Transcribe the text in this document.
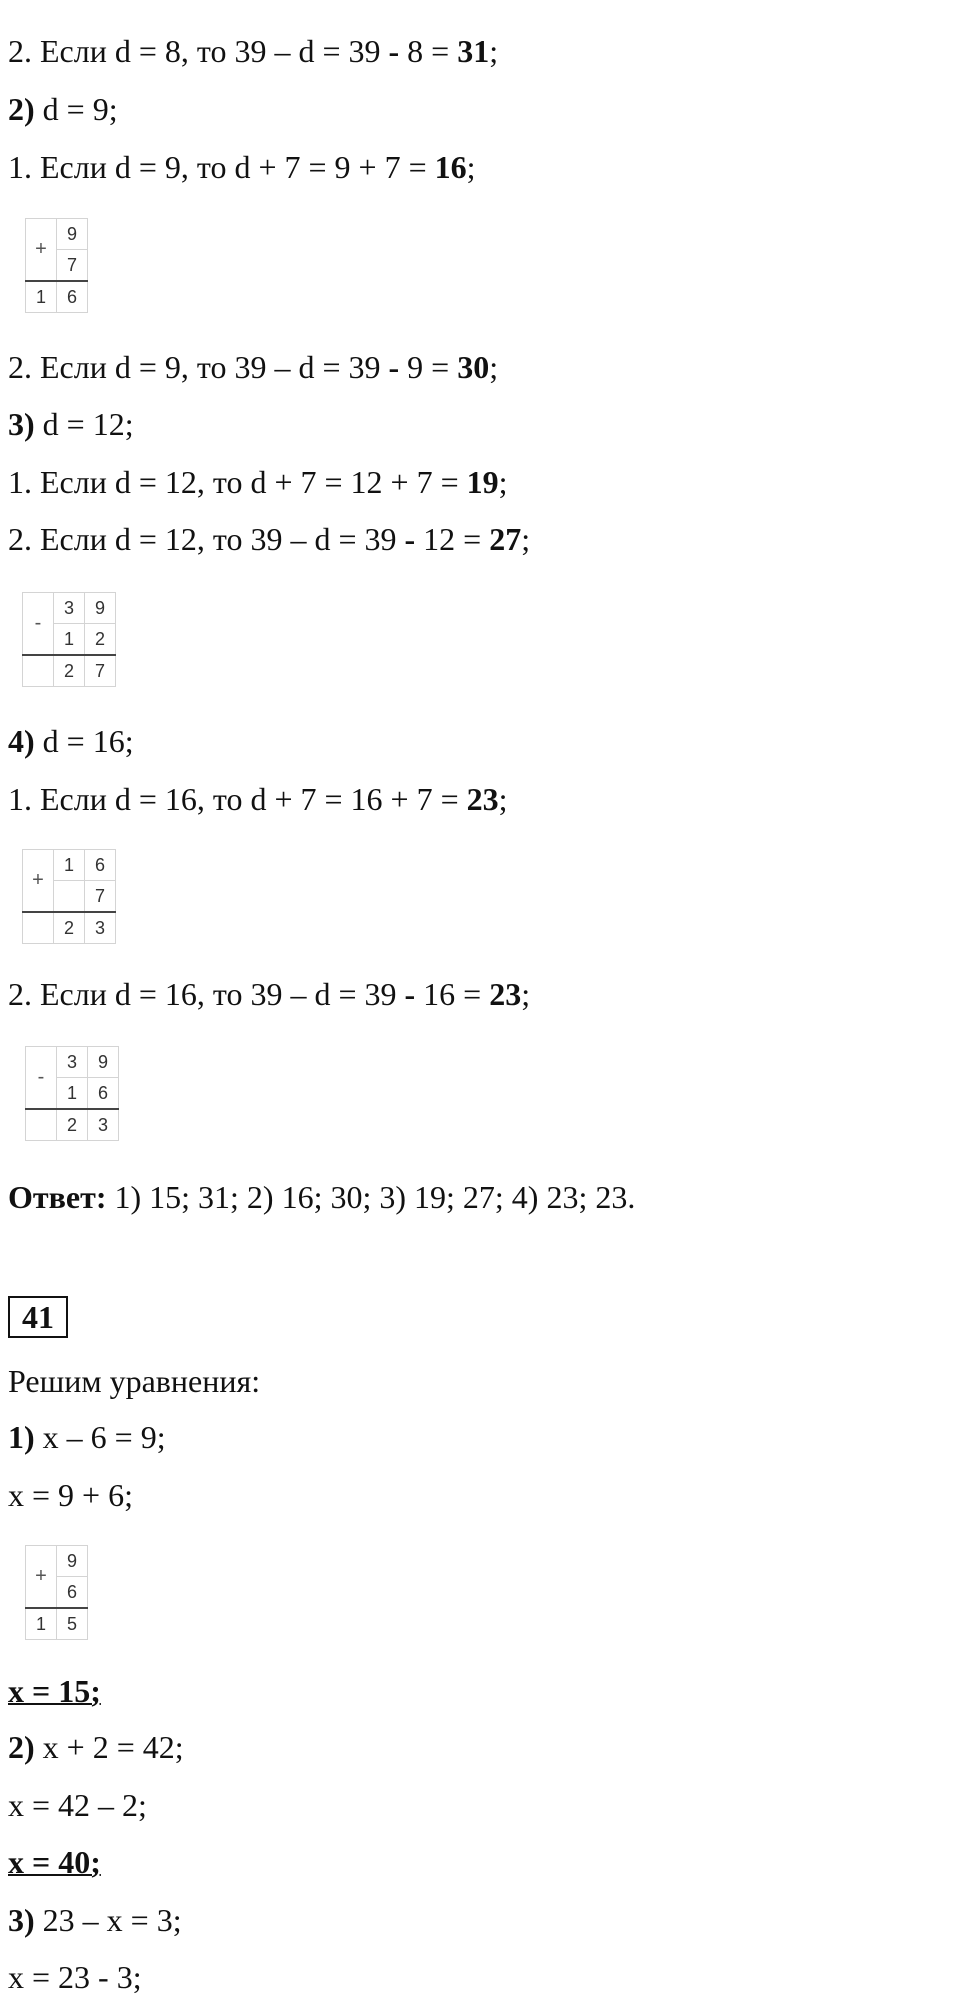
2. Если d = 8, то 39 – d = 39 - 8 = 31;
2) d = 9;
1. Если d = 9, то d + 7 = 9 + 7 = 16;
+	9
	7
1	6
2. Если d = 9, то 39 – d = 39 - 9 = 30;
3) d = 12;
1. Если d = 12, то d + 7 = 12 + 7 = 19;
2. Если d = 12, то 39 – d = 39 - 12 = 27;
-	3	9
	1	2
	2	7
4) d = 16;
1. Если d = 16, то d + 7 = 16 + 7 = 23;
+	1	6
		7
	2	3
2. Если d = 16, то 39 – d = 39 - 16 = 23;
-	3	9
	1	6
	2	3
Ответ: 1) 15; 31; 2) 16; 30; 3) 19; 27; 4) 23; 23.
41
Решим уравнения:
1) x – 6 = 9;
x = 9 + 6;
+	9
	6
1	5
x = 15;
2) x + 2 = 42;
x = 42 – 2;
x = 40;
3) 23 – x = 3;
x = 23 - 3;
